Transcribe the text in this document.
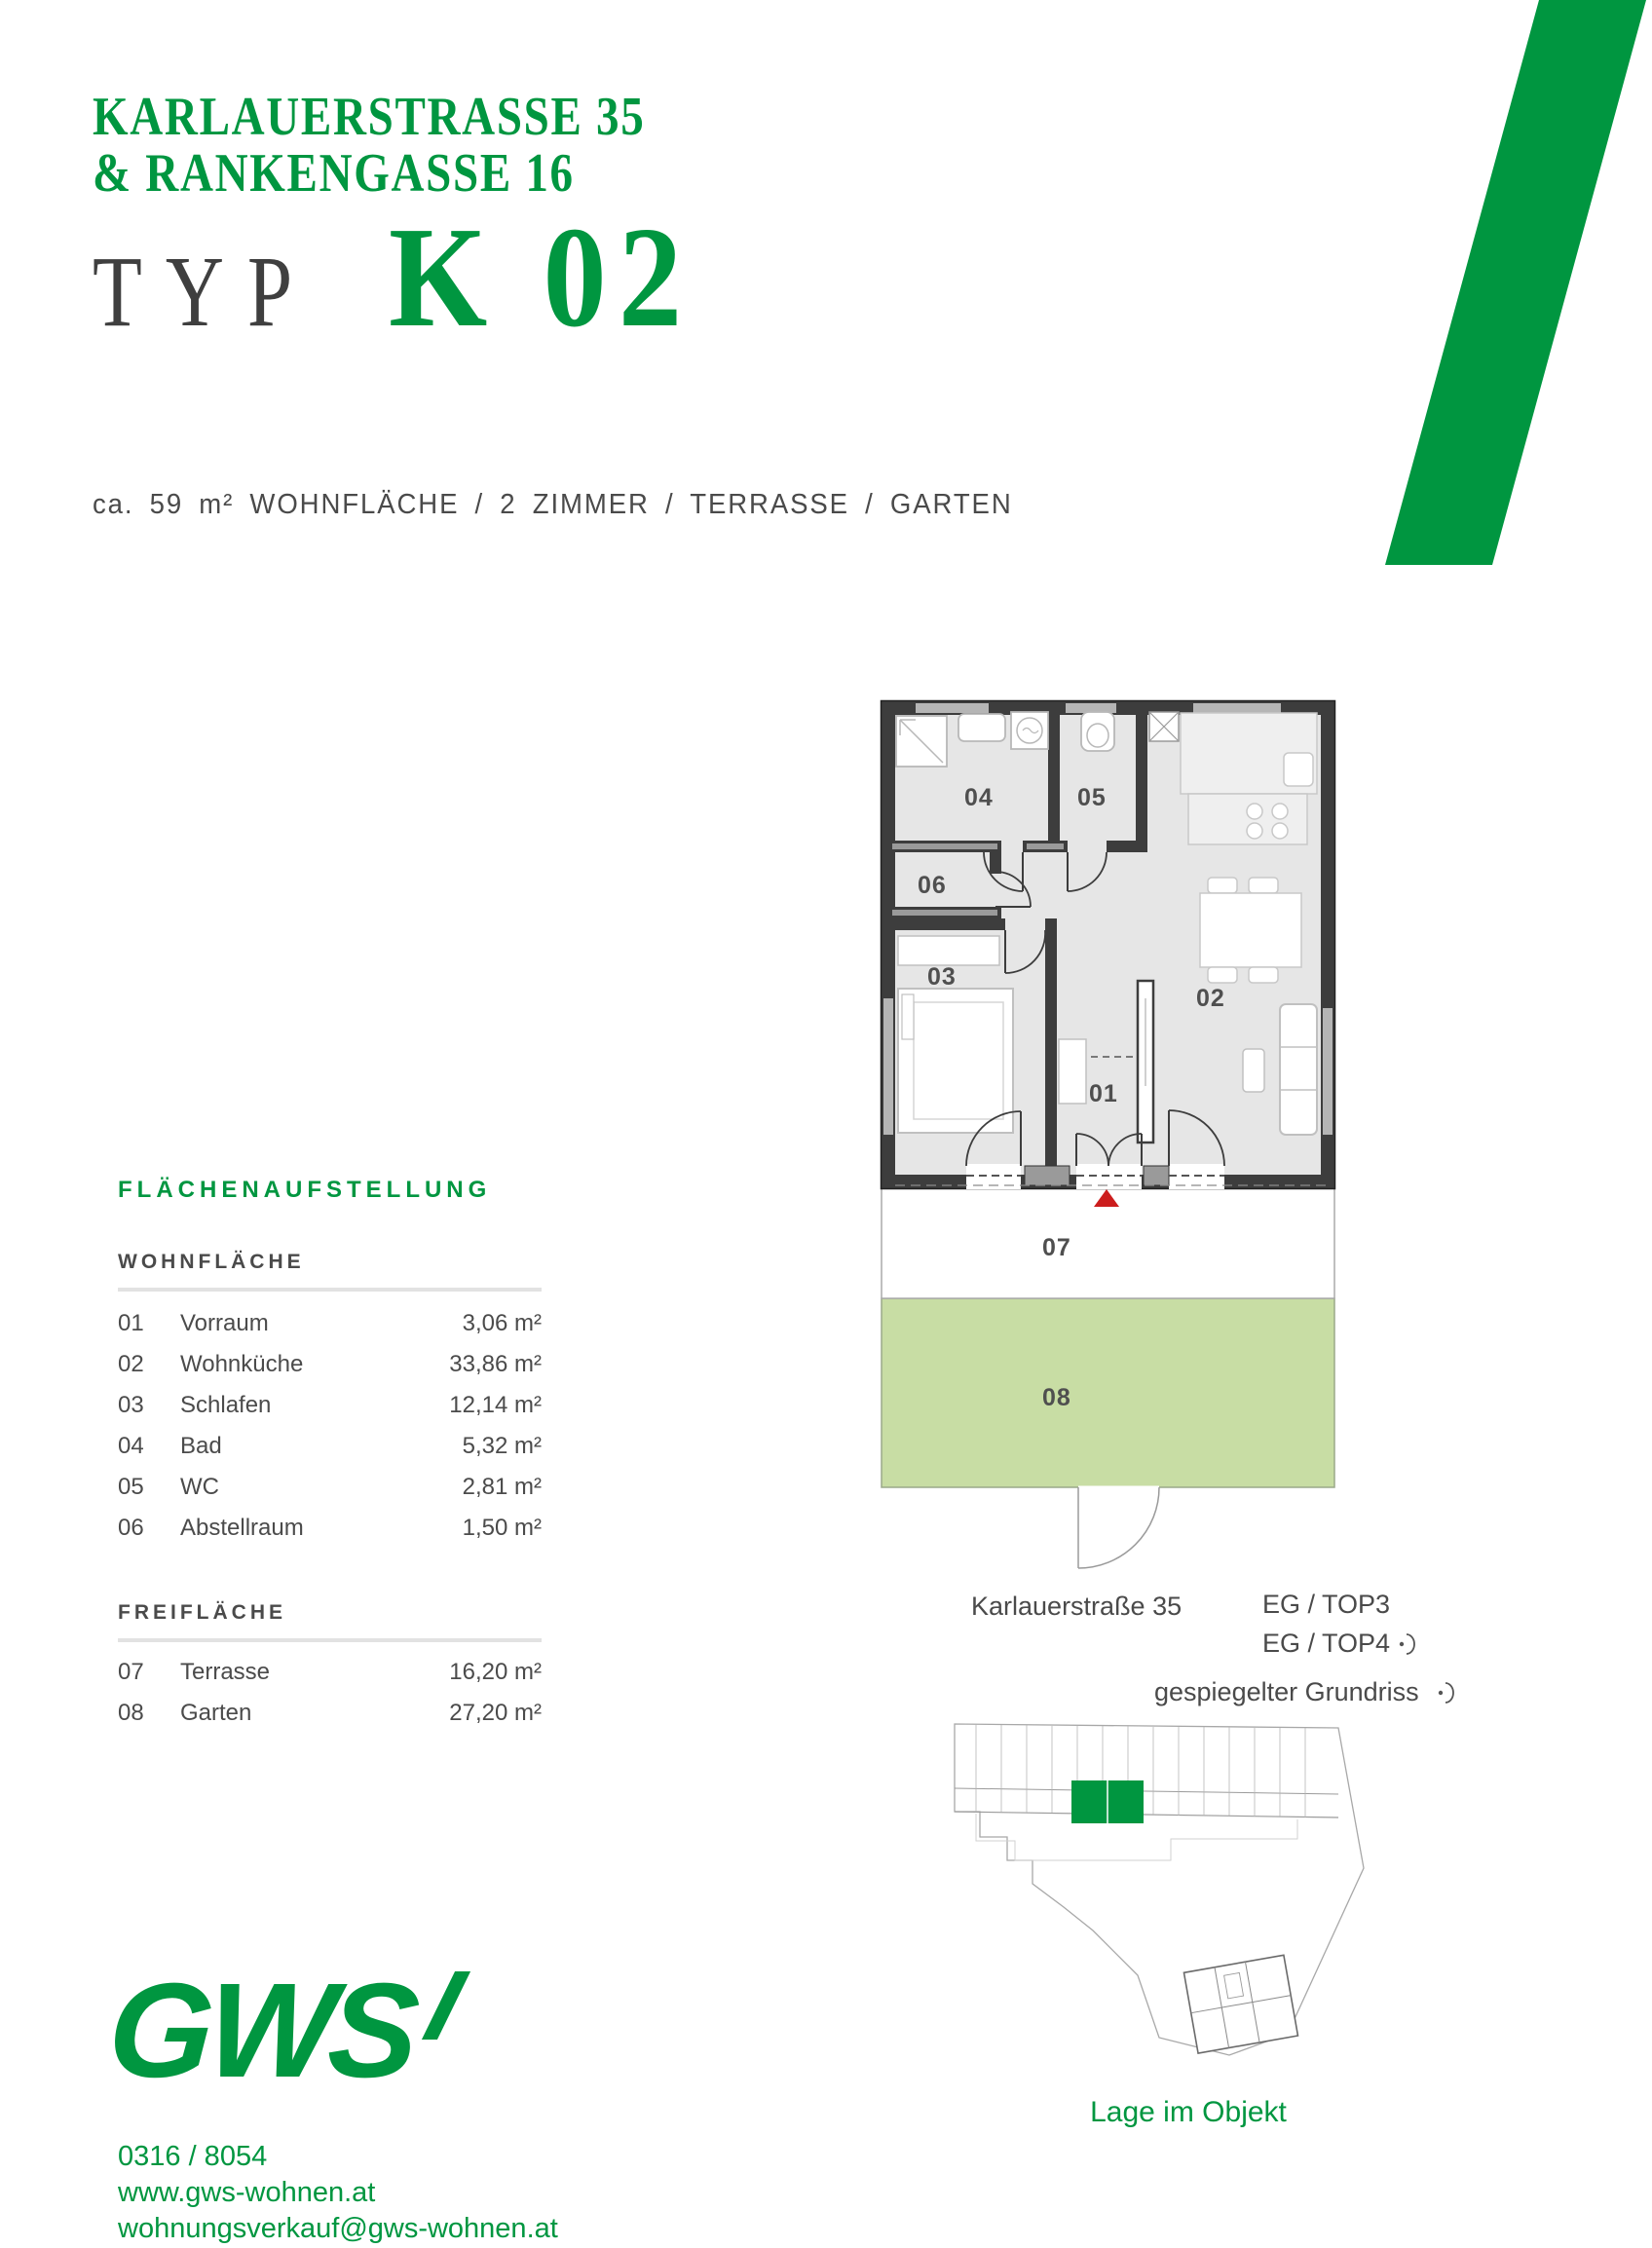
KARLAUERSTRASSE 35
& RANKENGASSE 16
TYP K 02
ca. 59 m² WOHNFLÄCHE / 2 ZIMMER / TERRASSE / GARTEN
04	05
06
03
01
02
07
08
FLÄCHENAUFSTELLUNG
WOHNFLÄCHE
01	Vorraum	3,06 m²
02	Wohnküche	33,86 m²
03	Schlafen	12,14 m²
04	Bad	5,32 m²
05	WC	2,81 m²
06	Abstellraum	1,50 m²
FREIFLÄCHE
07	Terrasse	16,20 m²
08	Garten	27,20 m²
Karlauerstraße 35	EG / TOP 3
EG / TOP 4
gespiegelter Grundriss
Lage im Objekt
GWS
0316 / 8054
www.gws-wohnen.at
wohnungsverkauf@gws-wohnen.at
